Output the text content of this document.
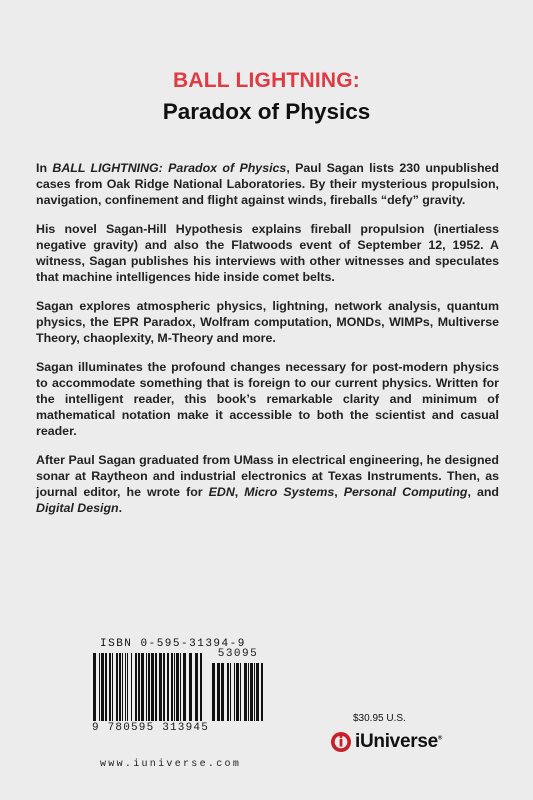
BALL LIGHTNING:
Paradox of Physics

In BALL LIGHTNING: Paradox of Physics, Paul Sagan lists 230 unpublished cases from Oak Ridge National Laboratories. By their mysterious propulsion, navigation, confinement and flight against winds, fireballs “defy” gravity.

His novel Sagan-Hill Hypothesis explains fireball propulsion (inertialess negative gravity) and also the Flatwoods event of September 12, 1952. A witness, Sagan publishes his interviews with other witnesses and speculates that machine intelligences hide inside comet belts.

Sagan explores atmospheric physics, lightning, network analysis, quantum physics, the EPR Paradox, Wolfram computation, MONDs, WIMPs, Multiverse Theory, chaoplexity, M-Theory and more.

Sagan illuminates the profound changes necessary for post-modern physics to accommodate something that is foreign to our current physics. Written for the intelligent reader, this book’s remarkable clarity and minimum of mathematical notation make it accessible to both the scientist and casual reader.

After Paul Sagan graduated from UMass in electrical engineering, he designed sonar at Raytheon and industrial electronics at Texas Instruments. Then, as journal editor, he wrote for EDN, Micro Systems, Personal Computing, and Digital Design.

ISBN 0-595-31394-9
53095
9 780595 313945
www.iuniverse.com
$30.95 U.S.
iUniverse®
